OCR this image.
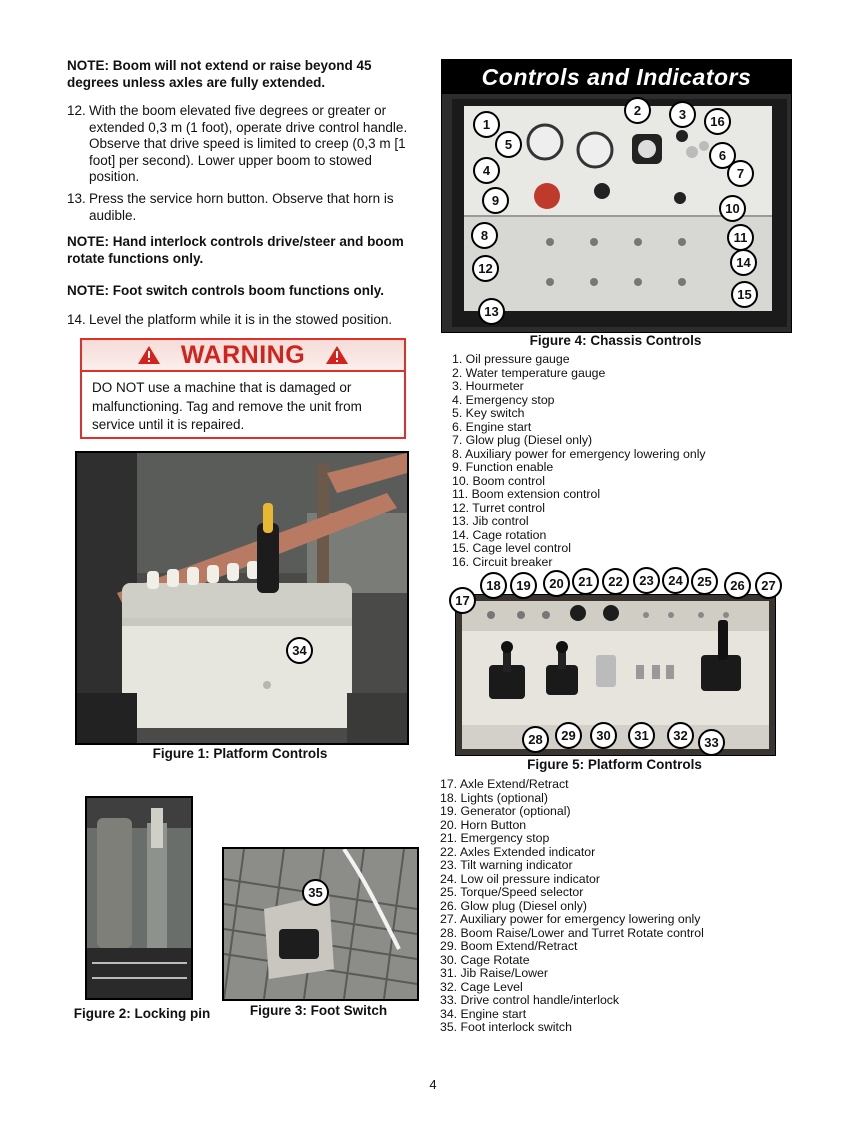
NOTE: Boom will not extend or raise beyond 45 degrees unless axles are fully extended.
12. With the boom elevated five degrees or greater or extended 0,3 m (1 foot), operate drive control handle. Observe that drive speed is limited to creep (0,3 m [1 foot] per second). Lower upper boom to stowed position.
13. Press the service horn button. Observe that horn is audible.
NOTE: Hand interlock controls drive/steer and boom rotate functions only.
NOTE: Foot switch controls boom functions only.
14. Level the platform while it is in the stowed position.
WARNING
DO NOT use a machine that is damaged or malfunctioning. Tag and remove the unit from service until it is repaired.
34
Figure 1: Platform Controls
Figure 2: Locking pin
35
Figure 3: Foot Switch
Controls and Indicators
1
2	3	16
5
6
4	7
9
10
8	11
12	14
15
13
Figure 4: Chassis Controls
1. Oil pressure gauge
2. Water temperature gauge
3. Hourmeter
4. Emergency stop
5. Key switch
6. Engine start
7. Glow plug (Diesel only)
8. Auxiliary power for emergency lowering only
9. Function enable
10. Boom control
11. Boom extension control
12. Turret control
13. Jib control
14. Cage rotation
15. Cage level control
16. Circuit breaker
17
18	19	20	21	22	23	24	25	26	27
28	29	30	31	32	33
Figure 5: Platform Controls
17. Axle Extend/Retract
18. Lights (optional)
19. Generator (optional)
20. Horn Button
21. Emergency stop
22. Axles Extended indicator
23. Tilt warning indicator
24. Low oil pressure indicator
25. Torque/Speed selector
26. Glow plug (Diesel only)
27. Auxiliary power for emergency lowering only
28. Boom Raise/Lower and Turret Rotate control
29. Boom Extend/Retract
30. Cage Rotate
31. Jib Raise/Lower
32. Cage Level
33. Drive control handle/interlock
34. Engine start
35. Foot interlock switch
4
